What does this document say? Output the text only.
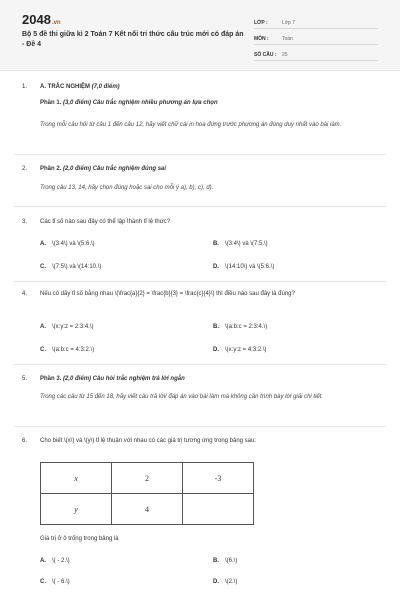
2048.vn
Bộ 5 đề thi giữa kì 2 Toán 7 Kết nối tri thức cấu trúc mới có đáp án - Đề 4
LỚP :	Lớp 7
MÔN :	Toán
SỐ CÂU :	25
1. A. TRẮC NGHIỆM (7,0 điểm)
Phần 1. (3,0 điểm) Câu trắc nghiệm nhiều phương án lựa chọn
Trong mỗi câu hỏi từ câu 1 đến câu 12, hãy viết chữ cái in hoa đứng trước phương án đúng duy nhất vào bài làm.
2. Phần 2. (2,0 điểm) Câu trắc nghiệm đúng sai
Trong câu 13, 14, hãy chọn đúng hoặc sai cho mỗi ý a), b), c), d).
3. Các tỉ số nào sau đây có thể lập thành tỉ lệ thức?
A. \(3:4\) và \(5:6.\)	B. \(3:4\) và \(7:5.\)
C. \(7:5\) và \(14:10.\)	D. \(14:10\) và \(5:6.\)
4. Nếu có dãy tỉ số bằng nhau \(\frac{a}{2} = \frac{b}{3} = \frac{c}{4}\) thì điều nào sau đây là đúng?
A. \(x:y:z = 2:3:4.\)	B. \(a:b:c = 2:3:4.\)
C. \(a:b:c = 4:3:2.\)	D. \(x:y:z = 4:3:2.\)
5. Phần 3. (2,0 điểm) Câu hỏi trắc nghiệm trả lời ngắn
Trong các câu từ 15 đến 18, hãy viết câu trả lời/ đáp án vào bài làm mà không cần trình bày lời giải chi tiết.
6. Cho biết \(x\) và \(y\) tỉ lệ thuận với nhau có các giá trị tương ứng trong bảng sau:
x	2	-3
y	4	
Giá trị ở ô trống trong bảng là
A. \( - 2.\)	B. \(6.\)
C. \( - 6.\)	D. \(2.\)
